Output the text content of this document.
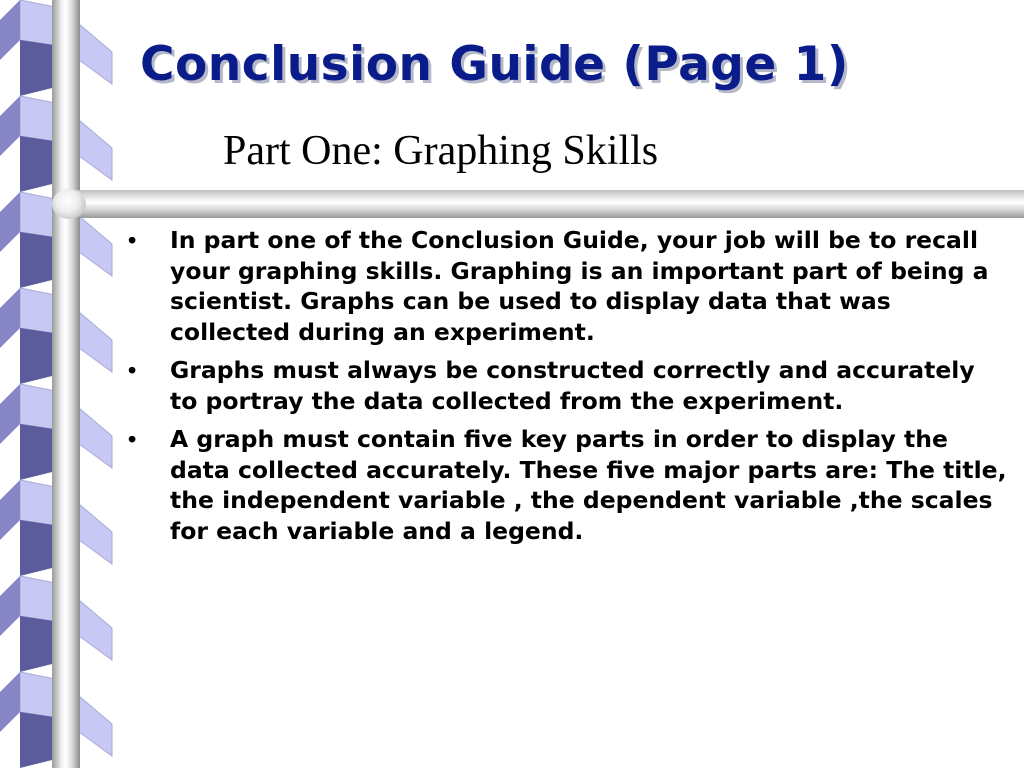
Conclusion Guide (Page 1)
Part One: Graphing Skills
•	In part one of the Conclusion Guide, your job will be to recall your graphing skills. Graphing is an important part of being a scientist. Graphs can be used to display data that was collected during an experiment.
•	Graphs must always be constructed correctly and accurately to portray the data collected from the experiment.
•	A graph must contain five key parts in order to display the data collected accurately. These five major parts are: The title, the independent variable , the dependent variable ,the scales for each variable and a legend.
